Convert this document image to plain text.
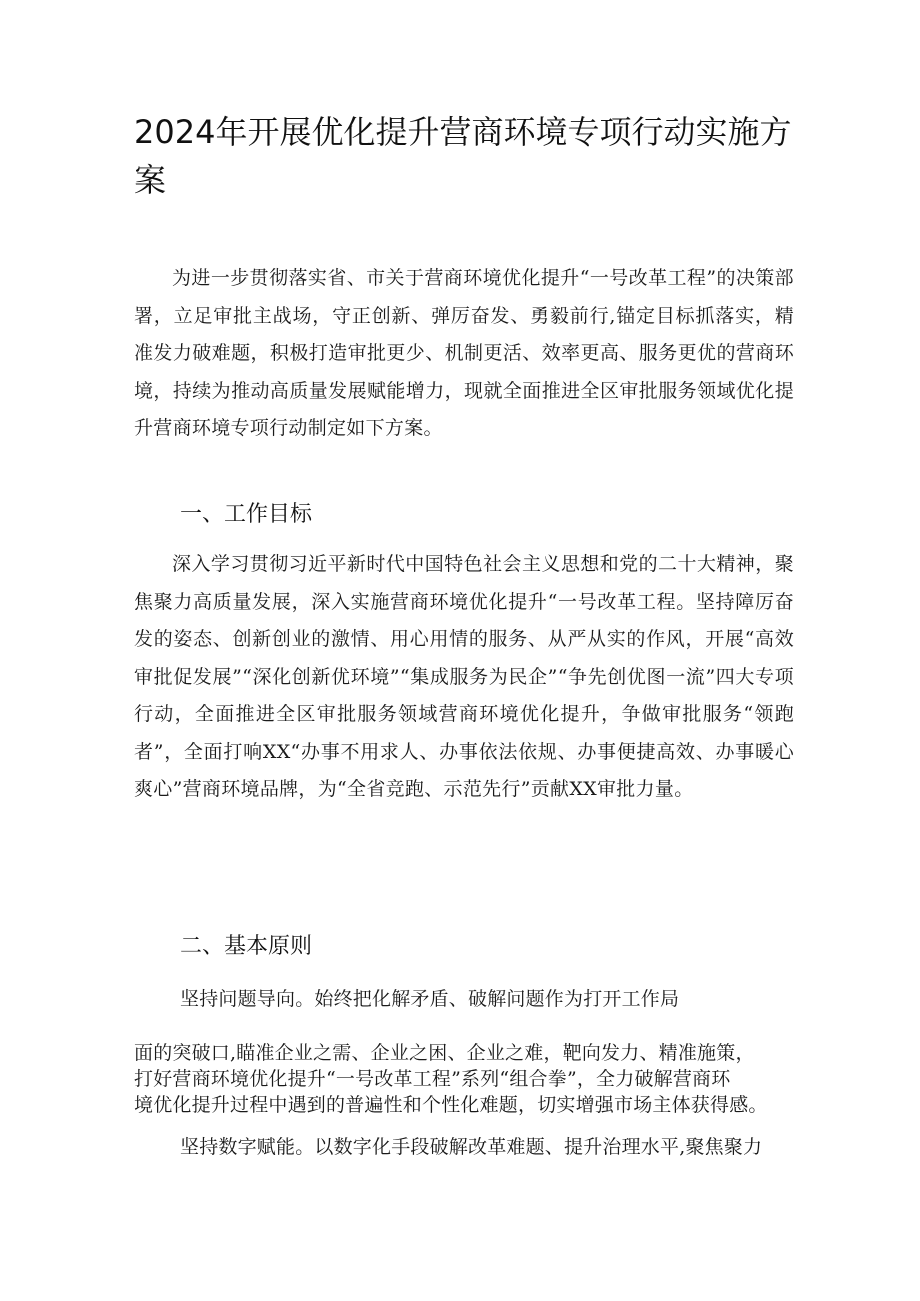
2024年开展优化提升营商环境专项行动实施方案

为进一步贯彻落实省、市关于营商环境优化提升“一号改革工程”的决策部署，立足审批主战场，守正创新、弹厉奋发、勇毅前行,锚定目标抓落实，精准发力破难题，积极打造审批更少、机制更活、效率更高、服务更优的营商环境，持续为推动高质量发展赋能增力，现就全面推进全区审批服务领域优化提升营商环境专项行动制定如下方案。

一、工作目标

深入学习贯彻习近平新时代中国特色社会主义思想和党的二十大精神，聚焦聚力高质量发展，深入实施营商环境优化提升“一号改革工程。坚持障厉奋发的姿态、创新创业的激情、用心用情的服务、从严从实的作风，开展“高效审批促发展”“深化创新优环境”“集成服务为民企”“争先创优图一流”四大专项行动，全面推进全区审批服务领域营商环境优化提升，争做审批服务“领跑者”，全面打响XX“办事不用求人、办事依法依规、办事便捷高效、办事暖心爽心”营商环境品牌，为“全省竞跑、示范先行”贡献XX审批力量。

二、基本原则

坚持问题导向。始终把化解矛盾、破解问题作为打开工作局

面的突破口,瞄准企业之需、企业之困、企业之难，靶向发力、精准施策，

打好营商环境优化提升“一号改革工程”系列“组合拳”，全力破解营商环

境优化提升过程中遇到的普遍性和个性化难题，切实增强市场主体获得感。

坚持数字赋能。以数字化手段破解改革难题、提升治理水平,聚焦聚力
